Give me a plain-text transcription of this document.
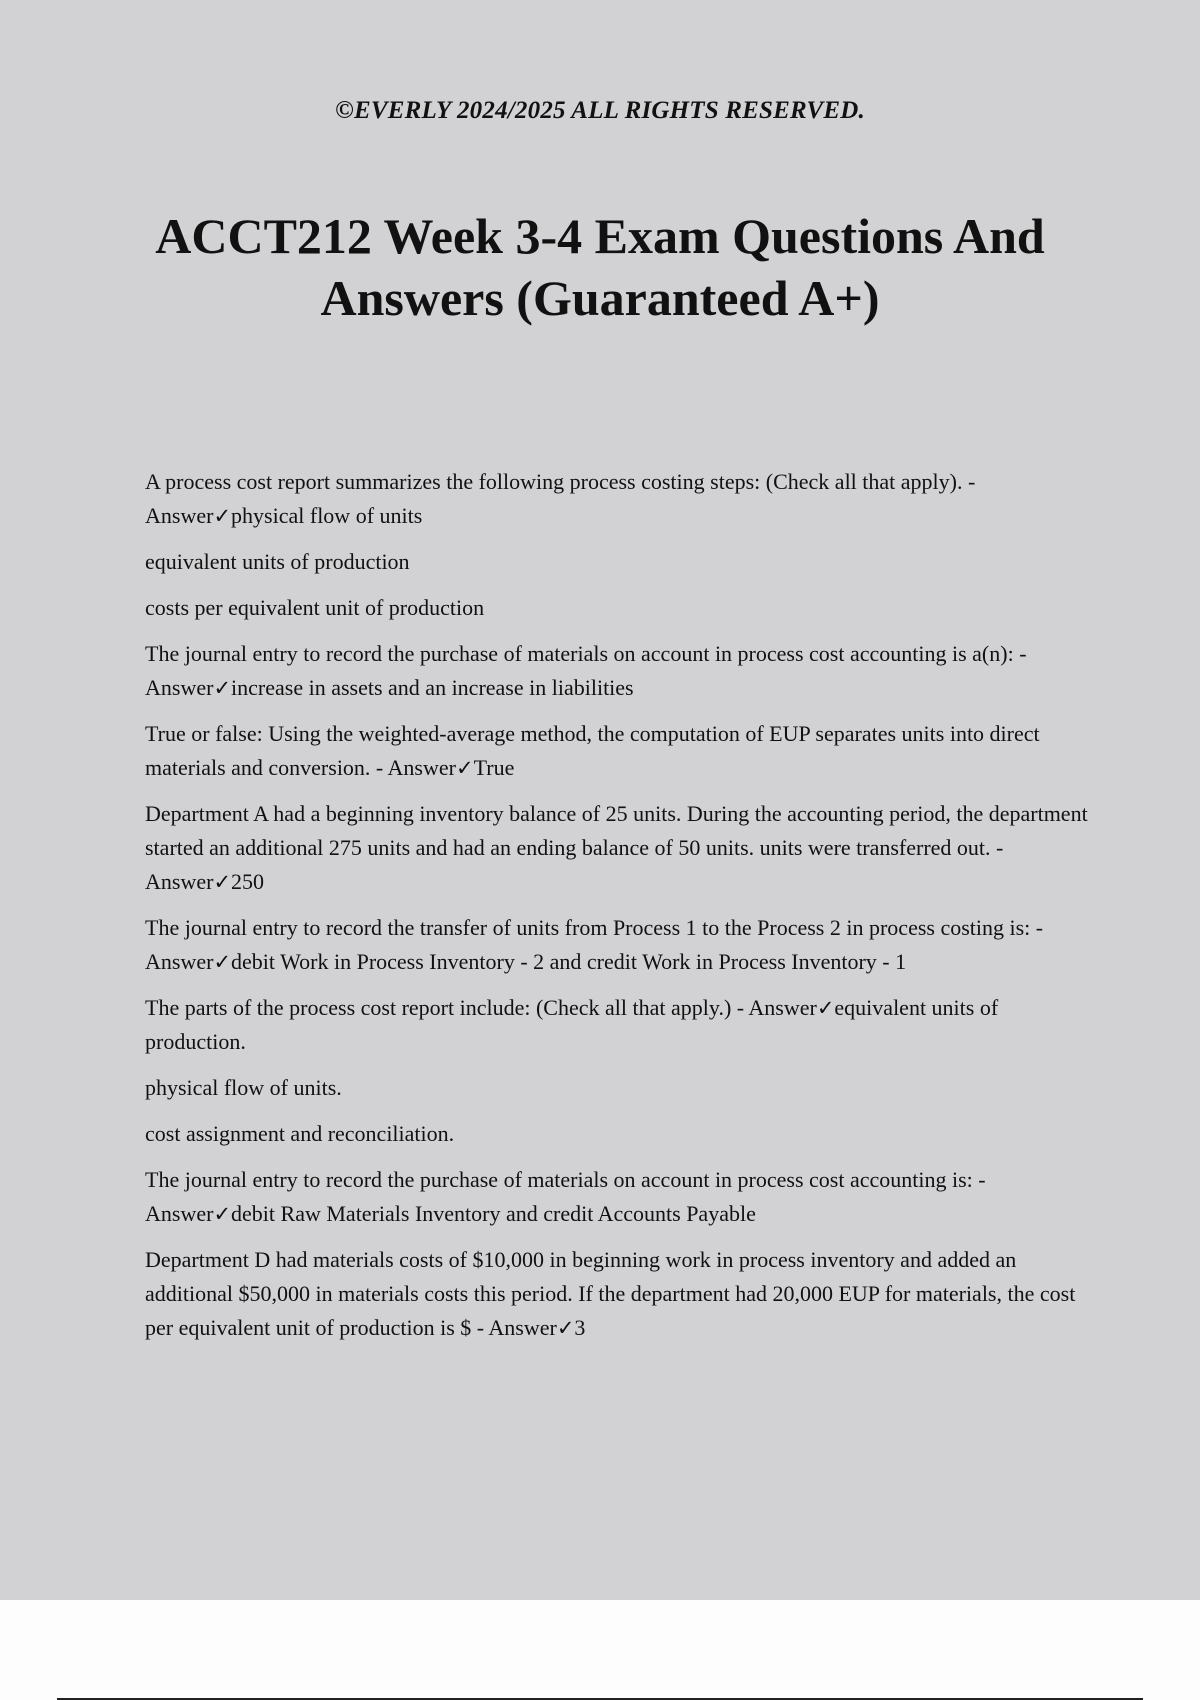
©EVERLY 2024/2025 ALL RIGHTS RESERVED.
ACCT212 Week 3-4 Exam Questions And Answers (Guaranteed A+)

A process cost report summarizes the following process costing steps: (Check all that apply). - Answer✓physical flow of units

equivalent units of production

costs per equivalent unit of production

The journal entry to record the purchase of materials on account in process cost accounting is a(n): - Answer✓increase in assets and an increase in liabilities

True or false: Using the weighted-average method, the computation of EUP separates units into direct materials and conversion. - Answer✓True

Department A had a beginning inventory balance of 25 units. During the accounting period, the department started an additional 275 units and had an ending balance of 50 units. units were transferred out. - Answer✓250

The journal entry to record the transfer of units from Process 1 to the Process 2 in process costing is: - Answer✓debit Work in Process Inventory - 2 and credit Work in Process Inventory - 1

The parts of the process cost report include: (Check all that apply.) - Answer✓equivalent units of production.

physical flow of units.

cost assignment and reconciliation.

The journal entry to record the purchase of materials on account in process cost accounting is: - Answer✓debit Raw Materials Inventory and credit Accounts Payable

Department D had materials costs of $10,000 in beginning work in process inventory and added an additional $50,000 in materials costs this period. If the department had 20,000 EUP for materials, the cost per equivalent unit of production is $ - Answer✓3
